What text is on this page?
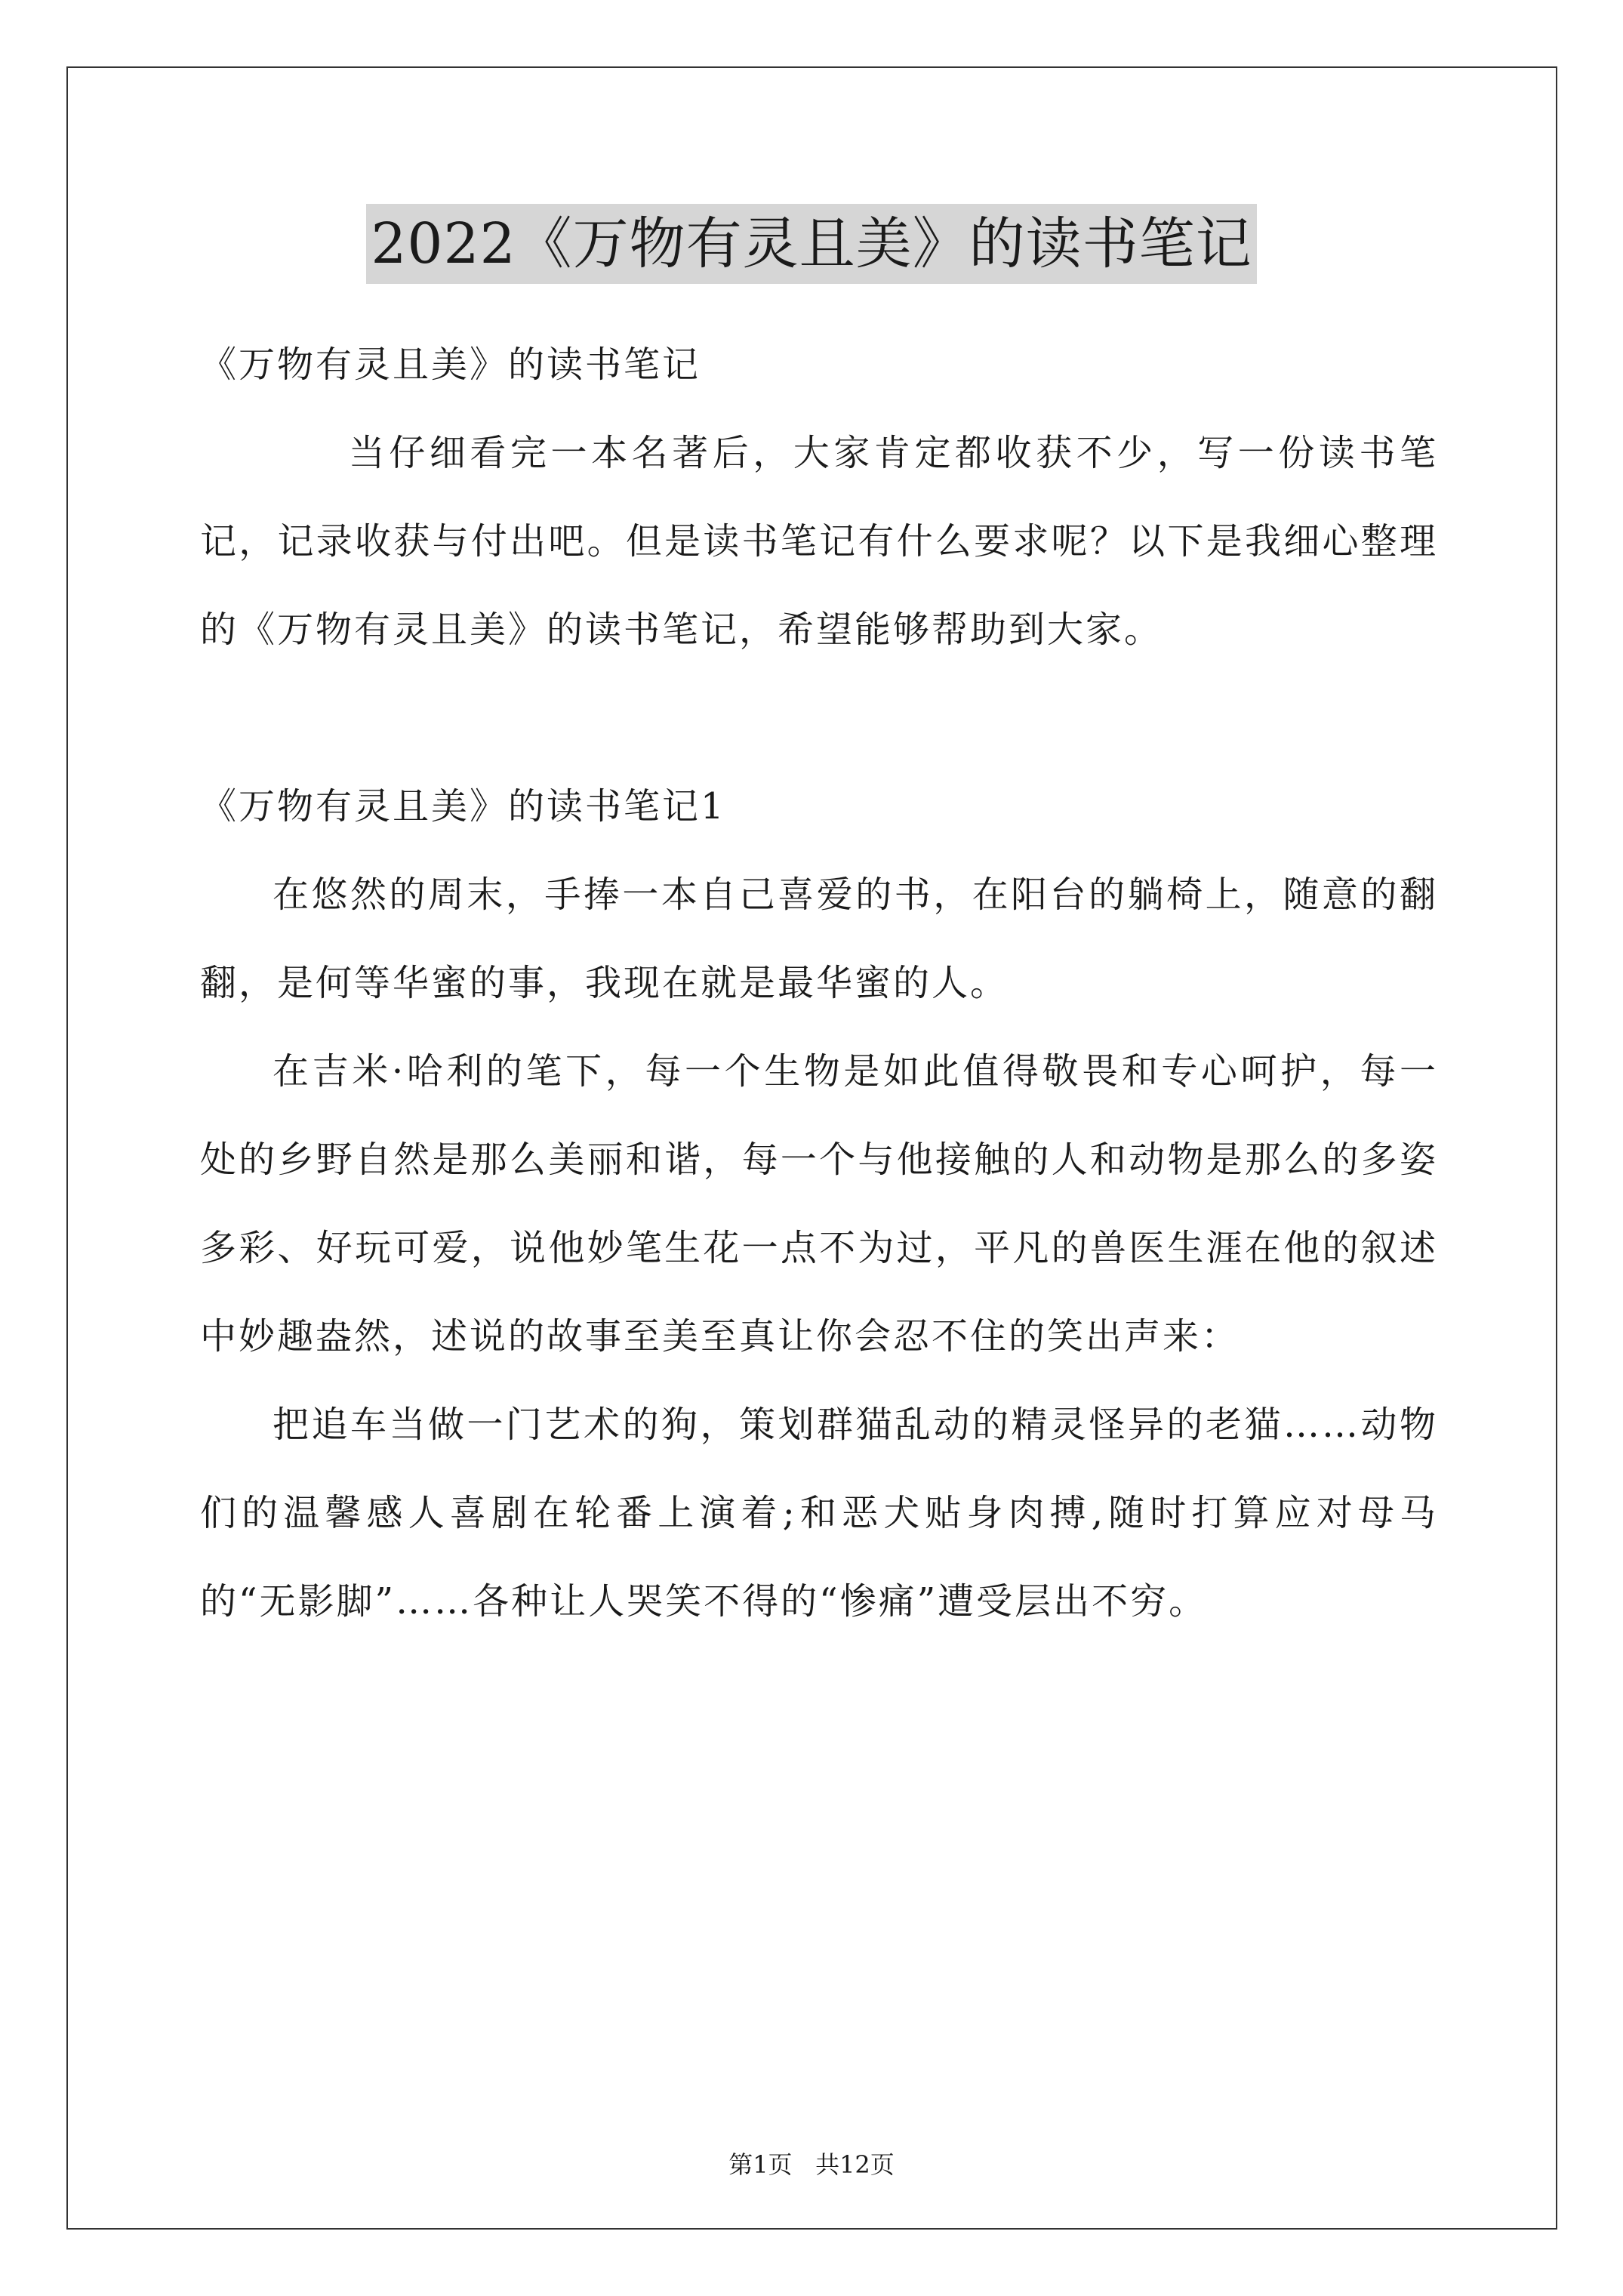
2022《万物有灵且美》的读书笔记

《万物有灵且美》的读书笔记

当仔细看完一本名著后，大家肯定都收获不少，写一份读书笔记，记录收获与付出吧。但是读书笔记有什么要求呢？以下是我细心整理的《万物有灵且美》的读书笔记，希望能够帮助到大家。

《万物有灵且美》的读书笔记1

在悠然的周末，手捧一本自己喜爱的书，在阳台的躺椅上，随意的翻翻，是何等华蜜的事，我现在就是最华蜜的人。

在吉米·哈利的笔下，每一个生物是如此值得敬畏和专心呵护，每一处的乡野自然是那么美丽和谐，每一个与他接触的人和动物是那么的多姿多彩、好玩可爱，说他妙笔生花一点不为过，平凡的兽医生涯在他的叙述中妙趣盎然，述说的故事至美至真让你会忍不住的笑出声来：

把追车当做一门艺术的狗，策划群猫乱动的精灵怪异的老猫……动物们的温馨感人喜剧在轮番上演着;和恶犬贴身肉搏,随时打算应对母马的“无影脚”……各种让人哭笑不得的“惨痛”遭受层出不穷。

第1页   共12页
